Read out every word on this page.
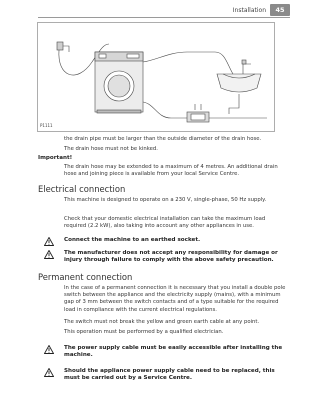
Installation	45
P1111

the drain pipe must be larger than the outside diameter of the drain hose.

The drain hose must not be kinked.

Important!

The drain hose may be extended to a maximum of 4 metres. An additional drain hose and joining piece is available from your local Service Centre.

Electrical connection

This machine is designed to operate on a 230 V, single-phase, 50 Hz supply.

Check that your domestic electrical installation can take the maximum load required (2.2 kW), also taking into account any other appliances in use.

Connect the machine to an earthed socket.
The manufacturer does not accept any responsibility for damage or injury through failure to comply with the above safety precaution.
Permanent connection

In the case of a permanent connection it is necessary that you install a double pole switch between the appliance and the electricity supply (mains), with a minimum gap of 3 mm between the switch contacts and of a type suitable for the required load in compliance with the current electrical regulations.

The switch must not break the yellow and green earth cable at any point.

This operation must be performed by a qualified electrician.

The power supply cable must be easily accessible after installing the machine.
Should the appliance power supply cable need to be replaced, this must be carried out by a Service Centre.
